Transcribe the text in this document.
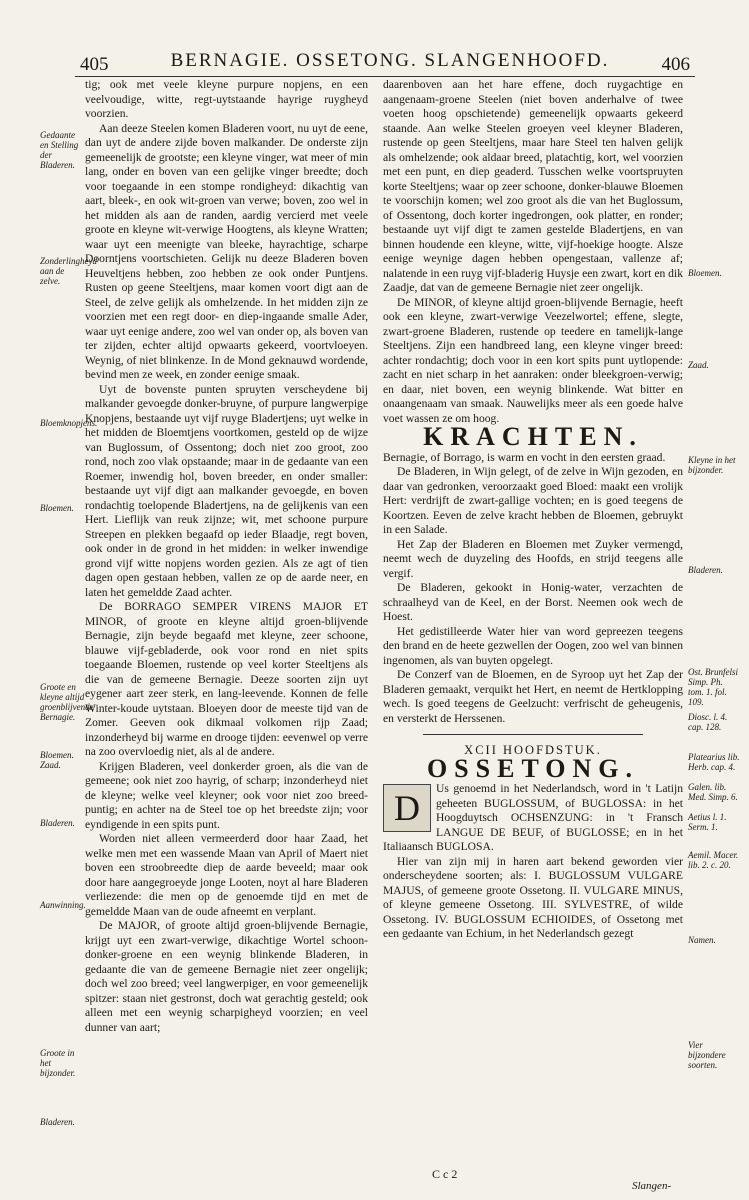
405	BERNAGIE. OSSETONG. SLANGENHOOFD.	406

tig; ook met veele kleyne purpure nopjens, en een veelvoudige, witte, regt-uytstaande hayrige ruygheyd voorzien.

Aan deeze Steelen komen Bladeren voort, nu uyt de eene, dan uyt de andere zijde boven malkander. De onderste zijn gemeenelijk de grootste; een kleyne vinger, wat meer of min lang, onder en boven van een gelijke vinger breedte; doch voor toegaande in een stompe rondigheyd: dikachtig van aart, bleek-, en ook wit-groen van verwe; boven, zoo wel in het midden als aan de randen, aardig vercierd met veele groote en kleyne wit-verwige Hoogtens, als kleyne Wratten; waar uyt een meenigte van bleeke, hayrachtige, scharpe Doorntjens voortschieten. Gelijk nu deeze Bladeren boven Heuveltjens hebben, zoo hebben ze ook onder Puntjens. Rusten op geene Steeltjens, maar komen voort digt aan de Steel, de zelve gelijk als omhelzende. In het midden zijn ze voorzien met een regt door- en diep-ingaande smalle Ader, waar uyt eenige andere, zoo wel van onder op, als boven van ter zijden, echter altijd opwaarts gekeerd, voortvloeyen. Weynig, of niet blinkenze. In de Mond geknauwd wordende, bevind men ze week, en zonder eenige smaak.

Uyt de bovenste punten spruyten verscheydene bij malkander gevoegde donker-bruyne, of purpure langwerpige Knopjens, bestaande uyt vijf ruyge Bladertjens; uyt welke in het midden de Bloemtjens voortkomen, gesteld op de wijze van Buglossum, of Ossentong; doch niet zoo groot, zoo rond, noch zoo vlak opstaande; maar in de gedaante van een Roemer, inwendig hol, boven breeder, en onder smaller: bestaande uyt vijf digt aan malkander gevoegde, en boven rondachtig toelopende Bladertjens, na de gelijkenis van een Hert. Lieflijk van reuk zijnze; wit, met schoone purpure Streepen en plekken begaafd op ieder Blaadje, regt boven, ook onder in de grond in het midden: in welker inwendige grond vijf witte nopjens worden gezien. Als ze agt of tien dagen open gestaan hebben, vallen ze op de aarde neer, en laten het gemeldde Zaad achter.

De BORRAGO SEMPER VIRENS MAJOR ET MINOR, of groote en kleyne altijd groen-blijvende Bernagie, zijn beyde begaafd met kleyne, zeer schoone, blauwe vijf-gebladerde, ook voor rond en niet spits toegaande Bloemen, rustende op veel korter Steeltjens als die van de gemeene Bernagie. Deeze soorten zijn uyt eygener aart zeer sterk, en lang-leevende. Konnen de felle Winter-koude uytstaan. Bloeyen door de meeste tijd van de Zomer. Geeven ook dikmaal volkomen rijp Zaad; inzonderheyd bij warme en drooge tijden: eevenwel op verre na zoo overvloedig niet, als al de andere.

Krijgen Bladeren, veel donkerder groen, als die van de gemeene; ook niet zoo hayrig, of scharp; inzonderheyd niet de kleyne; welke veel kleyner; ook voor niet zoo breed-puntig; en achter na de Steel toe op het breedste zijn; voor eyndigende in een spits punt.

Worden niet alleen vermeerderd door haar Zaad, het welke men met een wassende Maan van April of Maert niet boven een stroobreedte diep de aarde beveeld; maar ook door hare aangegroeyde jonge Looten, noyt al hare Bladeren verliezende: die men op de genoemde tijd en met de gemeldde Maan van de oude afneemt en verplant.

De MAJOR, of groote altijd groen-blijvende Bernagie, krijgt uyt een zwart-verwige, dikachtige Wortel schoon-donker-groene en een weynig blinkende Bladeren, in gedaante die van de gemeene Bernagie niet zeer ongelijk; doch wel zoo breed; veel langwerpiger, en voor gemeenelijk spitzer: staan niet gestronst, doch wat gerachtig gesteld; ook alleen met een weynig scharpigheyd voorzien; en veel dunner van aart;

Gedaante en Stelling der Bladeren.
Zonderlingheyd aan de zelve.
Bloemknopjens.
Bloemen.
Groote en kleyne altijd groenblijvende Bernagie.
Bloemen. Zaad.
Bladeren.
Aanwinning.
Groote in het bijzonder.
Bladeren.

daarenboven aan het hare effene, doch ruygachtige en aangenaam-groene Steelen (niet boven anderhalve of twee voeten hoog opschietende) gemeenelijk opwaarts gekeerd staande. Aan welke Steelen groeyen veel kleyner Bladeren, rustende op geen Steeltjens, maar hare Steel ten halven gelijk als omhelzende; ook aldaar breed, platachtig, kort, wel voorzien met een punt, en diep geaderd. Tusschen welke voortspruyten korte Steeltjens; waar op zeer schoone, donker-blauwe Bloemen te voorschijn komen; wel zoo groot als die van het Buglossum, of Ossentong, doch korter ingedrongen, ook platter, en ronder; bestaande uyt vijf digt te zamen gestelde Bladertjens, en van binnen houdende een kleyne, witte, vijf-hoekige hoogte. Alsze eenige weynige dagen hebben opengestaan, vallenze af; nalatende in een ruyg vijf-bladerig Huysje een zwart, kort en dik Zaadje, dat van de gemeene Bernagie niet zeer ongelijk.

De MINOR, of kleyne altijd groen-blijvende Bernagie, heeft ook een kleyne, zwart-verwige Veezelwortel; effene, slegte, zwart-groene Bladeren, rustende op teedere en tamelijk-lange Steeltjens. Zijn een handbreed lang, een kleyne vinger breed: achter rondachtig; doch voor in een kort spits punt uytlopende: zacht en niet scharp in het aanraken: onder bleekgroen-verwig; en daar, niet boven, een weynig blinkende. Wat bitter en onaangenaam van smaak. Nauwelijks meer als een goede halve voet wassen ze om hoog.

KRACHTEN.

Bernagie, of Borrago, is warm en vocht in den eersten graad.

De Bladeren, in Wijn gelegt, of de zelve in Wijn gezoden, en daar van gedronken, veroorzaakt goed Bloed: maakt een vrolijk Hert: verdrijft de zwart-gallige vochten; en is goed teegens de Koortzen. Eeven de zelve kracht hebben de Bloemen, gebruykt in een Salade.

Het Zap der Bladeren en Bloemen met Zuyker vermengd, neemt wech de duyzeling des Hoofds, en strijd teegens alle vergif.

De Bladeren, gekookt in Honig-water, verzachten de schraalheyd van de Keel, en der Borst. Neemen ook wech de Hoest.

Het gedistilleerde Water hier van word gepreezen teegens den brand en de heete gezwellen der Oogen, zoo wel van binnen ingenomen, als van buyten opgelegt.

De Conzerf van de Bloemen, en de Syroop uyt het Zap der Bladeren gemaakt, verquikt het Hert, en neemt de Hertklopping wech. Is goed teegens de Geelzucht: verfrischt de geheugenis, en versterkt de Herssenen.

XCII HOOFDSTUK.
OSSETONG.
D	Us genoemd in het Nederlandsch, word in 't Latijn geheeten BUGLOSSUM, of BUGLOSSA: in het Hoogduytsch OCHSENZUNG: in 't Fransch LANGUE DE BEUF, of BUGLOSSE; en in het Italiaansch BUGLOSA.

Hier van zijn mij in haren aart bekend geworden vier onderscheydene soorten; als: I. BUGLOSSUM VULGARE MAJUS, of gemeene groote Ossetong. II. VULGARE MINUS, of kleyne gemeene Ossetong. III. SYLVESTRE, of wilde Ossetong. IV. BUGLOSSUM ECHIOIDES, of Ossetong met een gedaante van Echium, in het Nederlandsch gezegt

Bloemen.
Zaad.
Kleyne in het bijzonder.
Bladeren.
Ost. Brunfelsi Simp. Ph. tom. 1. fol. 109.
Diosc. l. 4. cap. 128.
Platearius lib. Herb. cap. 4.
Galen. lib. Med. Simp. 6.
Aetius l. 1. Serm. 1.
Aemil. Macer. lib. 2. c. 20.
Namen.
Vier bijzondere soorten.
C c 2
Slangen-
